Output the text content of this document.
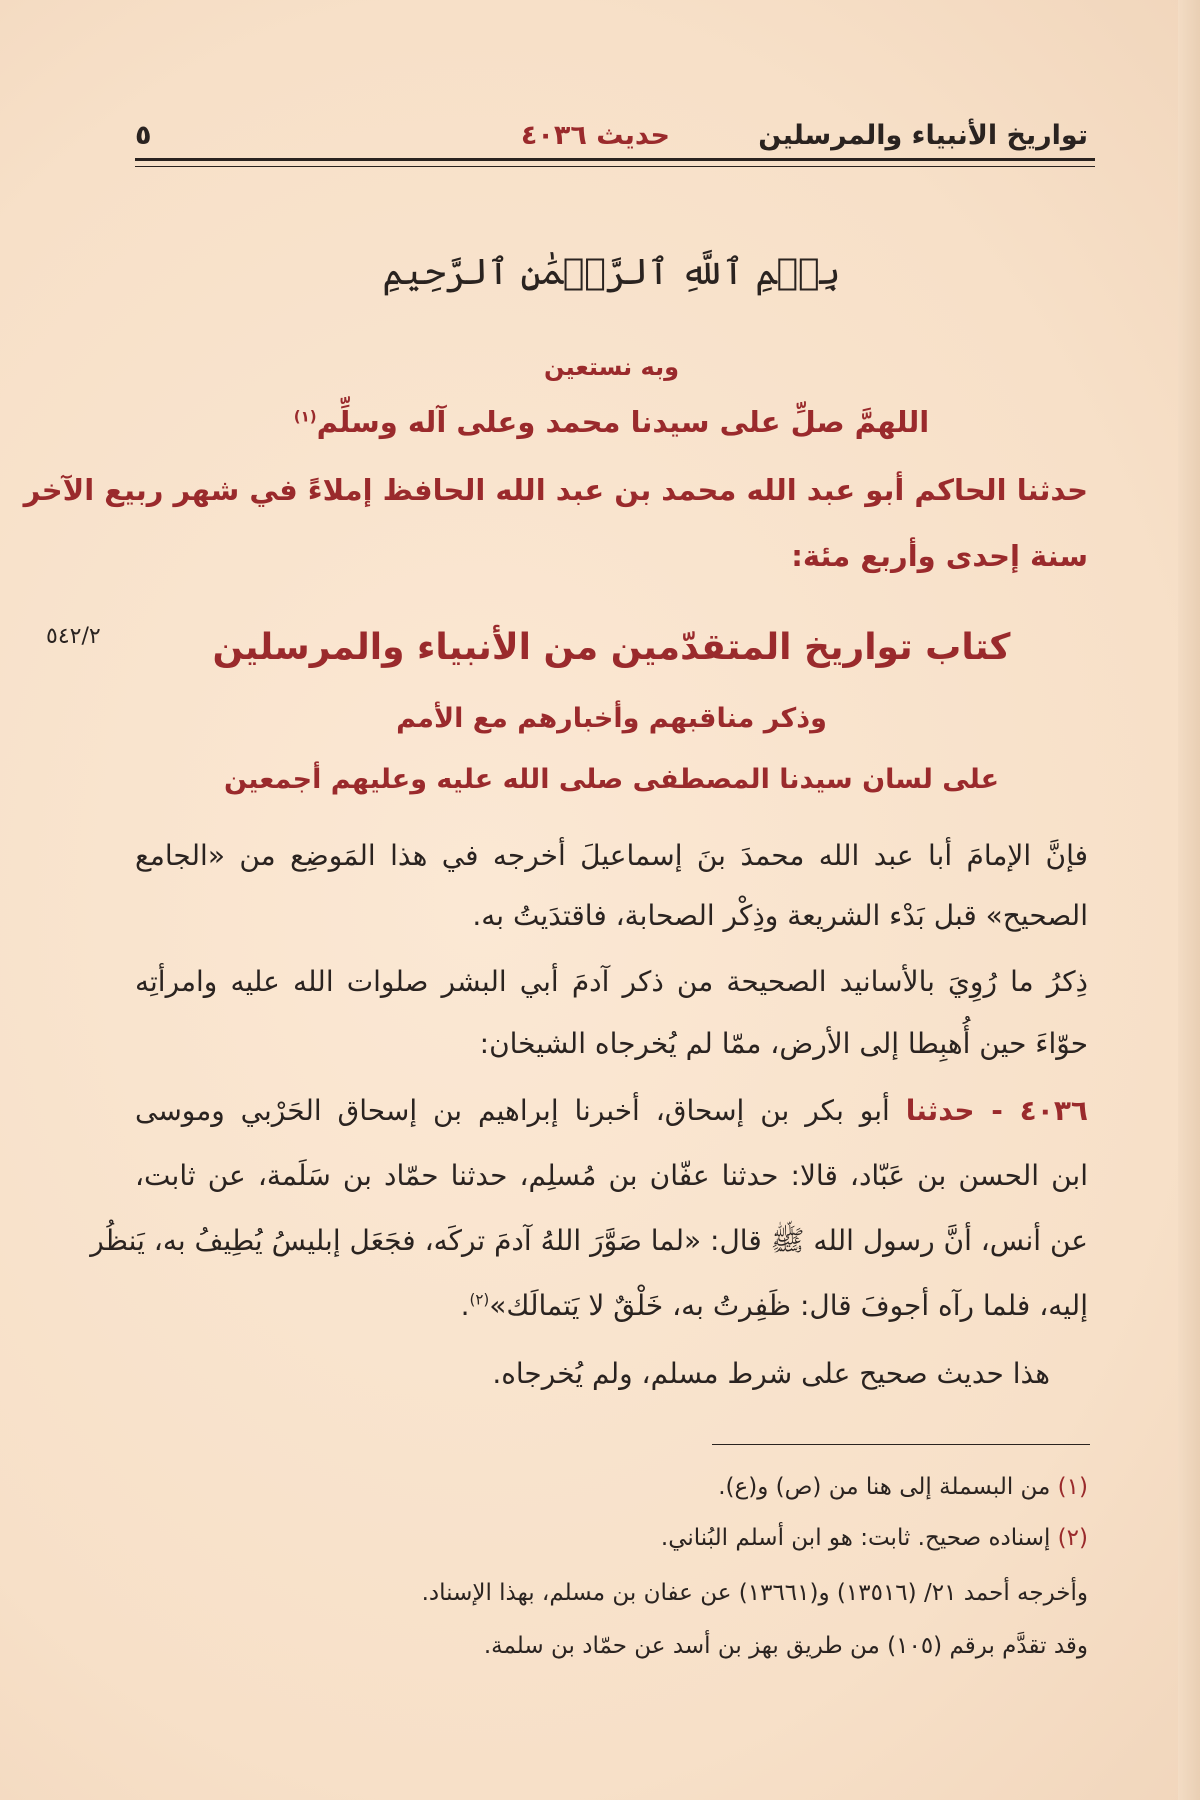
تواريخ الأنبياء والمرسلين
حديث ٤٠٣٦
٥
بِسۡمِ ٱللَّهِ ٱلرَّحۡمَٰنِ ٱلرَّحِيمِ
وبه نستعين
اللهمَّ صلِّ على سيدنا محمد وعلى آله وسلِّم$^{(١)}$
حدثنا الحاكم أبو عبد الله محمد بن عبد الله الحافظ إملاءً في شهر ربيع الآخر
سنة إحدى وأربع مئة:
٥٤٢/٢	كتاب تواريخ المتقدّمين من الأنبياء والمرسلين
وذكر مناقبهم وأخبارهم مع الأمم
على لسان سيدنا المصطفى صلى الله عليه وعليهم أجمعين
فإنَّ الإمامَ أبا عبد الله محمدَ بنَ إسماعيلَ أخرجه في هذا المَوضِع من «الجامع
الصحيح» قبل بَدْء الشريعة وذِكْر الصحابة، فاقتدَيتُ به.
ذِكرُ ما رُوِيَ بالأسانيد الصحيحة من ذكر آدمَ أبي البشر صلوات الله عليه وامرأتِه
حوّاءَ حين أُهبِطا إلى الأرض، ممّا لم يُخرجاه الشيخان:
٤٠٣٦ - حدثنا أبو بكر بن إسحاق، أخبرنا إبراهيم بن إسحاق الحَرْبي وموسى
ابن الحسن بن عَبّاد، قالا: حدثنا عفّان بن مُسلِم، حدثنا حمّاد بن سَلَمة، عن ثابت،
عن أنس، أنَّ رسول الله ﷺ قال: «لما صَوَّرَ اللهُ آدمَ تركَه، فجَعَل إبليسُ يُطِيفُ به، يَنظُر
إليه، فلما رآه أجوفَ قال: ظَفِرتُ به، خَلْقٌ لا يَتمالَك»$^{(٢)}$.
هذا حديث صحيح على شرط مسلم، ولم يُخرجاه.
(١) من البسملة إلى هنا من (ص) و(ع).
(٢) إسناده صحيح. ثابت: هو ابن أسلم البُناني.
وأخرجه أحمد ٢١/ (١٣٥١٦) و(١٣٦٦١) عن عفان بن مسلم، بهذا الإسناد.
وقد تقدَّم برقم (١٠٥) من طريق بهز بن أسد عن حمّاد بن سلمة.
